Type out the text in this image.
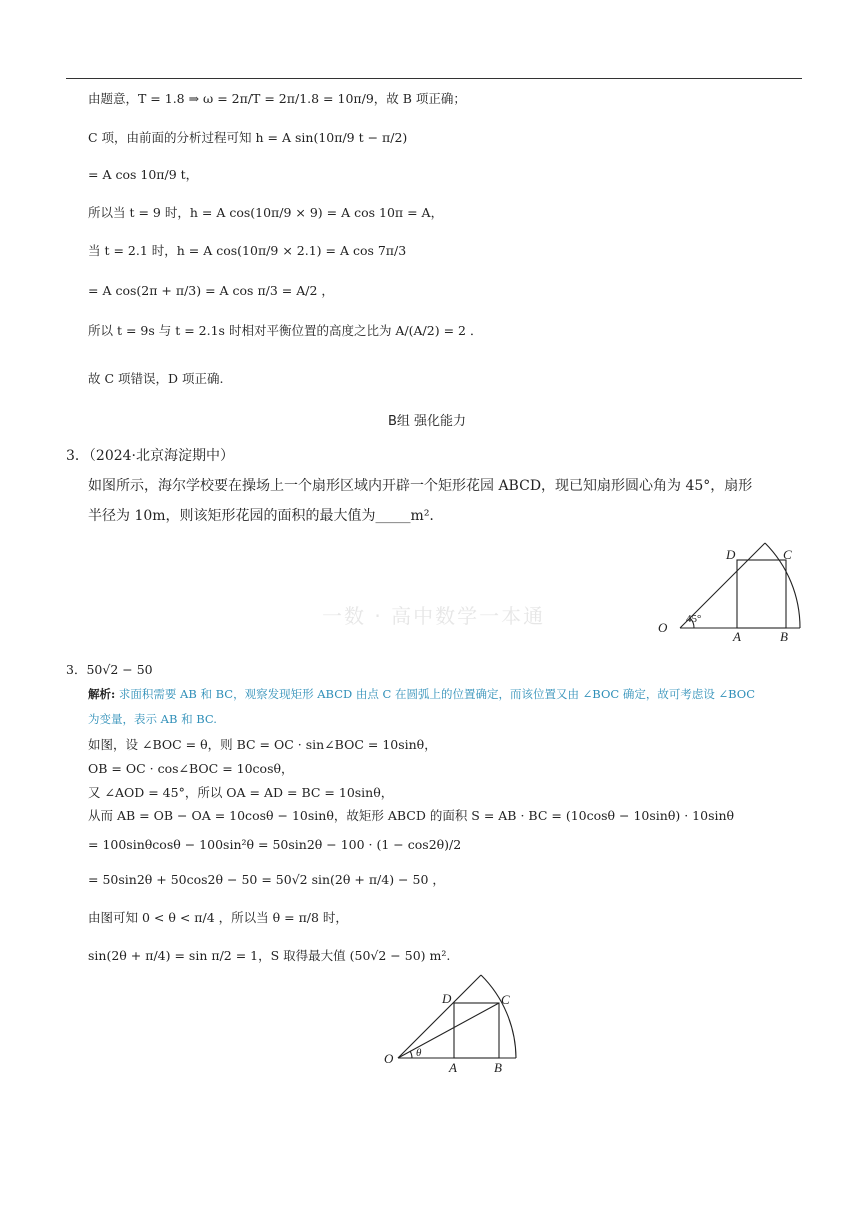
由题意，T = 1.8 ⇒ ω = 2π/T = 2π/1.8 = 10π/9，故 B 项正确；
C 项，由前面的分析过程可知 h = A sin(10π/9 t − π/2)
= A cos 10π/9 t，
所以当 t = 9 时，h = A cos(10π/9 × 9) = A cos 10π = A，
当 t = 2.1 时，h = A cos(10π/9 × 2.1) = A cos 7π/3
= A cos(2π + π/3) = A cos π/3 = A/2 ，
所以 t = 9s 与 t = 2.1s 时相对平衡位置的高度之比为 A/(A/2) = 2 ．
故 C 项错误，D 项正确.
B组 强化能力
3．（2024·北京海淀期中）
如图所示，海尔学校要在操场上一个扇形区域内开辟一个矩形花园 ABCD，现已知扇形圆心角为 45°，扇形
半径为 10m，则该矩形花园的面积的最大值为_____m².
一数 · 高中数学一本通	O
A	B
C
D
45°
3．50√2 − 50
解析: 求面积需要 AB 和 BC，观察发现矩形 ABCD 由点 C 在圆弧上的位置确定，而该位置又由 ∠BOC 确定，故可考虑设 ∠BOC
为变量，表示 AB 和 BC.
如图，设 ∠BOC = θ，则 BC = OC · sin∠BOC = 10sinθ，
OB = OC · cos∠BOC = 10cosθ，
又 ∠AOD = 45°，所以 OA = AD = BC = 10sinθ，
从而 AB = OB − OA = 10cosθ − 10sinθ，故矩形 ABCD 的面积 S = AB · BC = (10cosθ − 10sinθ) · 10sinθ
= 100sinθcosθ − 100sin²θ = 50sin2θ − 100 · (1 − cos2θ)/2
= 50sin2θ + 50cos2θ − 50 = 50√2 sin(2θ + π/4) − 50 ，
由图可知 0 < θ < π/4 ，所以当 θ = π/8 时，
sin(2θ + π/4) = sin π/2 = 1，S 取得最大值 (50√2 − 50) m².
O
A	B
C
D
θ
